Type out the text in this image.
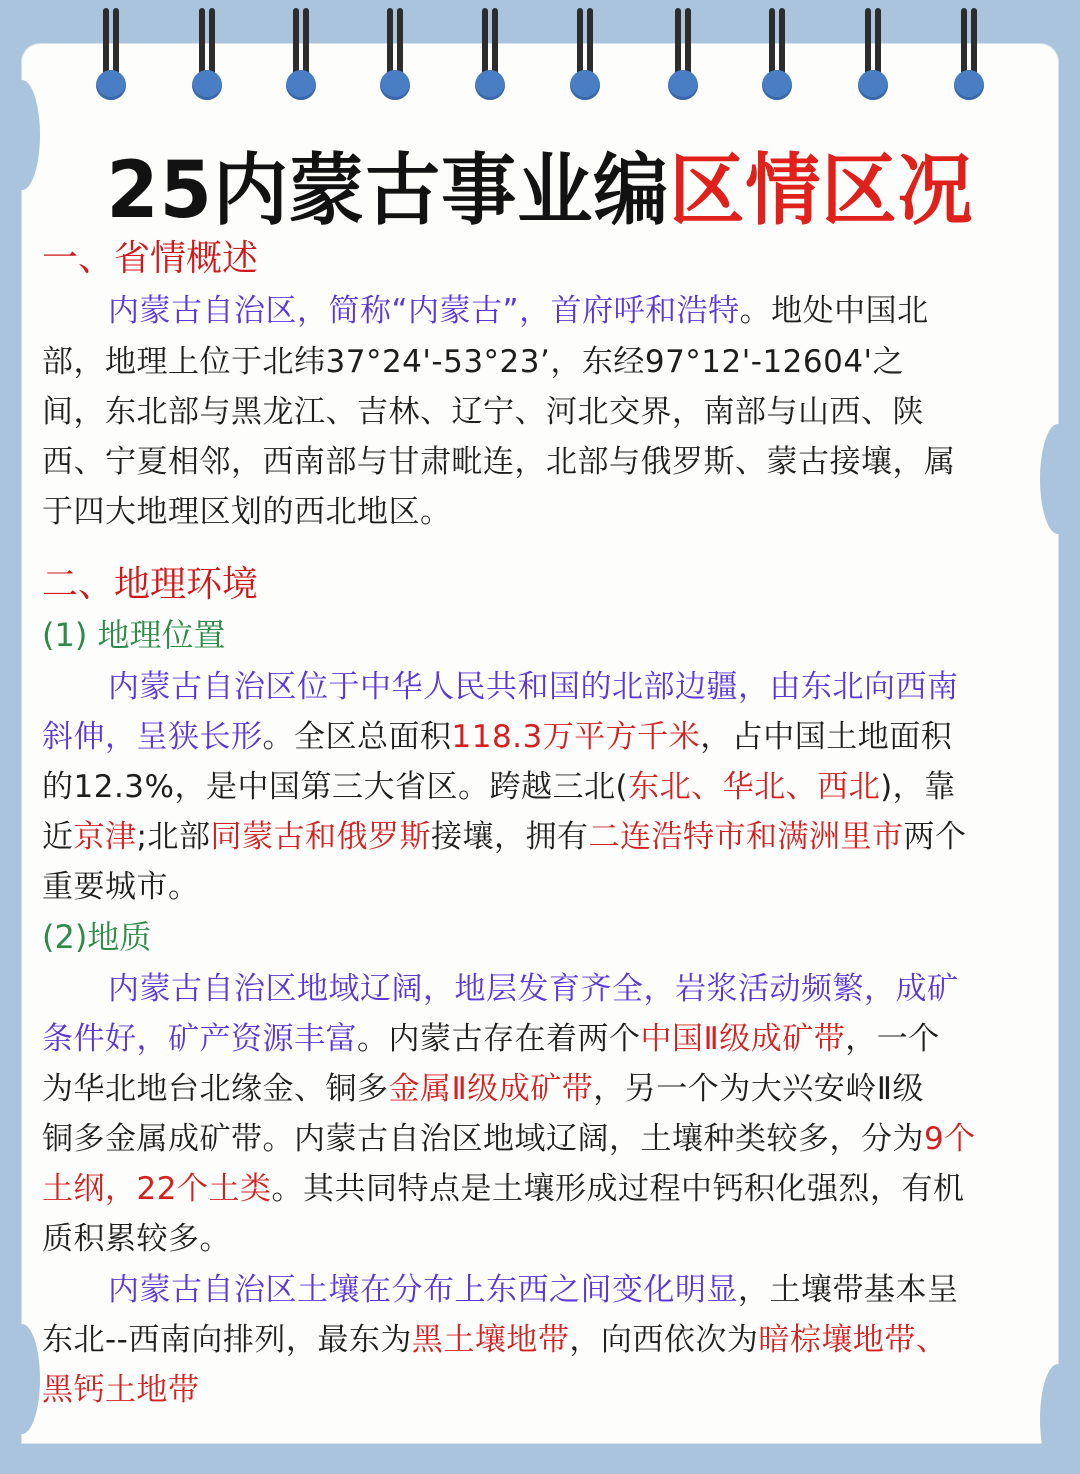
25内蒙古事业编区情区况
一、省情概述
内蒙古自治区，简称“内蒙古”，首府呼和浩特。地处中国北
部，地理上位于北纬37°24'-53°23’，东经97°12'-12604'之
间，东北部与黑龙江、吉林、辽宁、河北交界，南部与山西、陕
西、宁夏相邻，西南部与甘肃毗连，北部与俄罗斯、蒙古接壤，属
于四大地理区划的西北地区。
二、地理环境
(1) 地理位置
内蒙古自治区位于中华人民共和国的北部边疆，由东北向西南
斜伸，呈狭长形。全区总面积118.3万平方千米，占中国土地面积
的12.3%，是中国第三大省区。跨越三北(东北、华北、西北)，靠
近京津;北部同蒙古和俄罗斯接壤，拥有二连浩特市和满洲里市两个
重要城市。
(2)地质
内蒙古自治区地域辽阔，地层发育齐全，岩浆活动频繁，成矿
条件好，矿产资源丰富。内蒙古存在着两个中国Ⅱ级成矿带，一个
为华北地台北缘金、铜多金属Ⅱ级成矿带，另一个为大兴安岭Ⅱ级
铜多金属成矿带。内蒙古自治区地域辽阔，土壤种类较多，分为9个
土纲，22个土类。其共同特点是土壤形成过程中钙积化强烈，有机
质积累较多。
内蒙古自治区土壤在分布上东西之间变化明显，土壤带基本呈
东北--西南向排列，最东为黑土壤地带，向西依次为暗棕壤地带、
黑钙土地带
